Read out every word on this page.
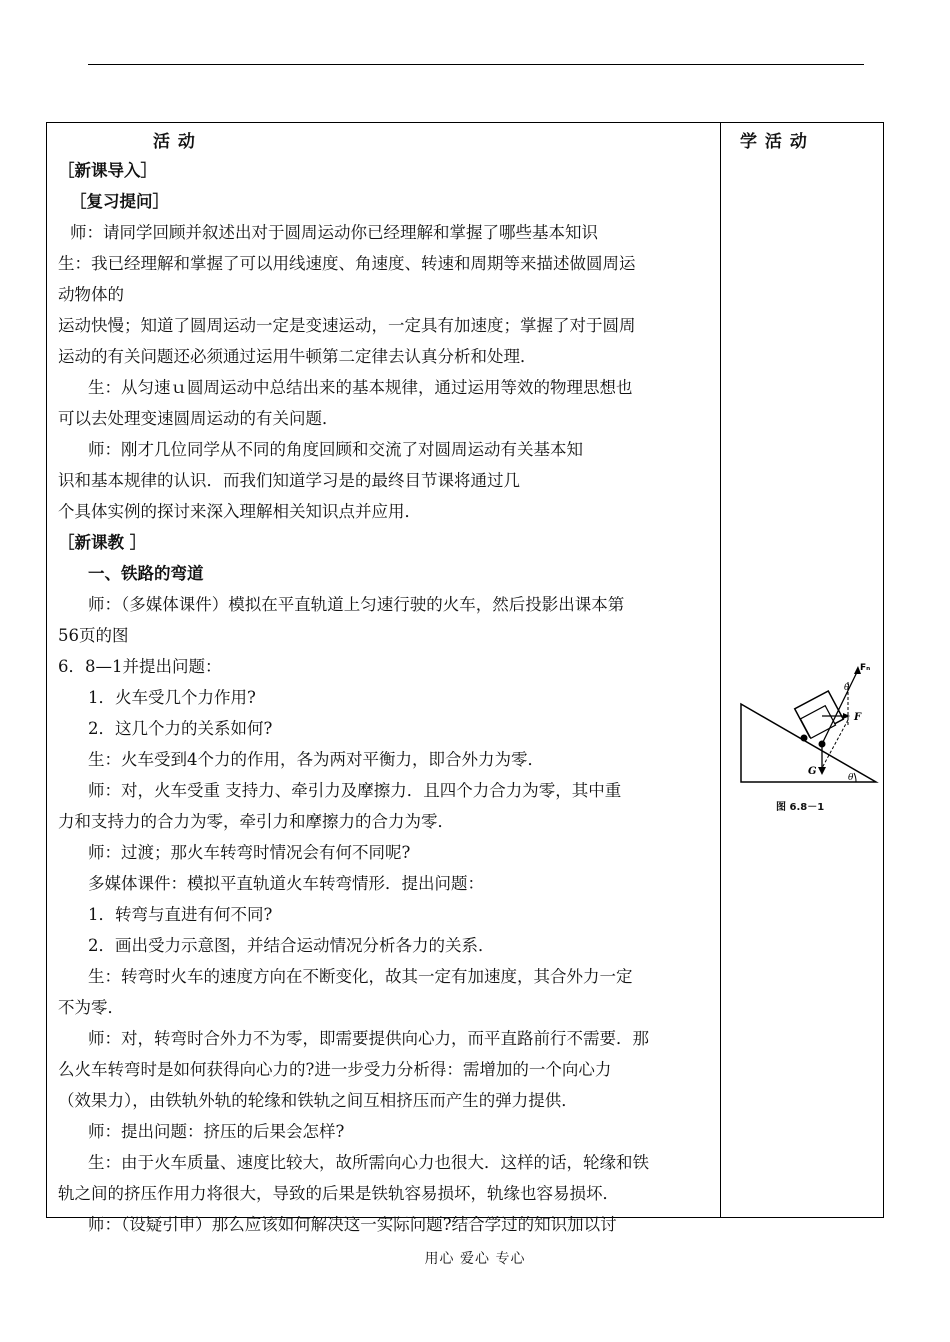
活 动	学 活 动
［新课导入］
［复习提问］
师：请同学回顾并叙述出对于圆周运动你已经理解和掌握了哪些基本知识
生：我已经理解和掌握了可以用线速度、角速度、转速和周期等来描述做圆周运
动物体的
运动快慢；知道了圆周运动一定是变速运动，一定具有加速度；掌握了对于圆周
运动的有关问题还必须通过运用牛顿第二定律去认真分析和处理．
生：从匀速ｕ圆周运动中总结出来的基本规律，通过运用等效的物理思想也
可以去处理变速圆周运动的有关问题．
师：刚才几位同学从不同的角度回顾和交流了对圆周运动有关基本知
识和基本规律的认识．而我们知道学习是的最终目节课将通过几
个具体实例的探讨来深入理解相关知识点并应用．
［新课教 ］
一、铁路的弯道
师：（多媒体课件）模拟在平直轨道上匀速行驶的火车，然后投影出课本第
56页的图
6．8—1并提出问题：
1．火车受几个力作用?
2．这几个力的关系如何?
生：火车受到4个力的作用，各为两对平衡力，即合外力为零．
师：对，火车受重 支持力、牵引力及摩擦力．且四个力合力为零，其中重
力和支持力的合力为零，牵引力和摩擦力的合力为零．
师：过渡；那火车转弯时情况会有何不同呢?
多媒体课件：模拟平直轨道火车转弯情形．提出问题：
1．转弯与直进有何不同?
2．画出受力示意图，并结合运动情况分析各力的关系．
生：转弯时火车的速度方向在不断变化，故其一定有加速度，其合外力一定
不为零．
师：对，转弯时合外力不为零，即需要提供向心力，而平直路前行不需要．那
么火车转弯时是如何获得向心力的?进一步受力分析得：需增加的一个向心力
（效果力），由铁轨外轨的轮缘和铁轨之间互相挤压而产生的弹力提供．
师：提出问题：挤压的后果会怎样?
生：由于火车质量、速度比较大，故所需向心力也很大．这样的话，轮缘和铁
轨之间的挤压作用力将很大，导致的后果是铁轨容易损坏，轨缘也容易损坏．
师：（设疑引申）那么应该如何解决这一实际问题?结合学过的知识加以讨
Fₙ
θ
F
G
θ
图 6.8－1
用心 爱心 专心
